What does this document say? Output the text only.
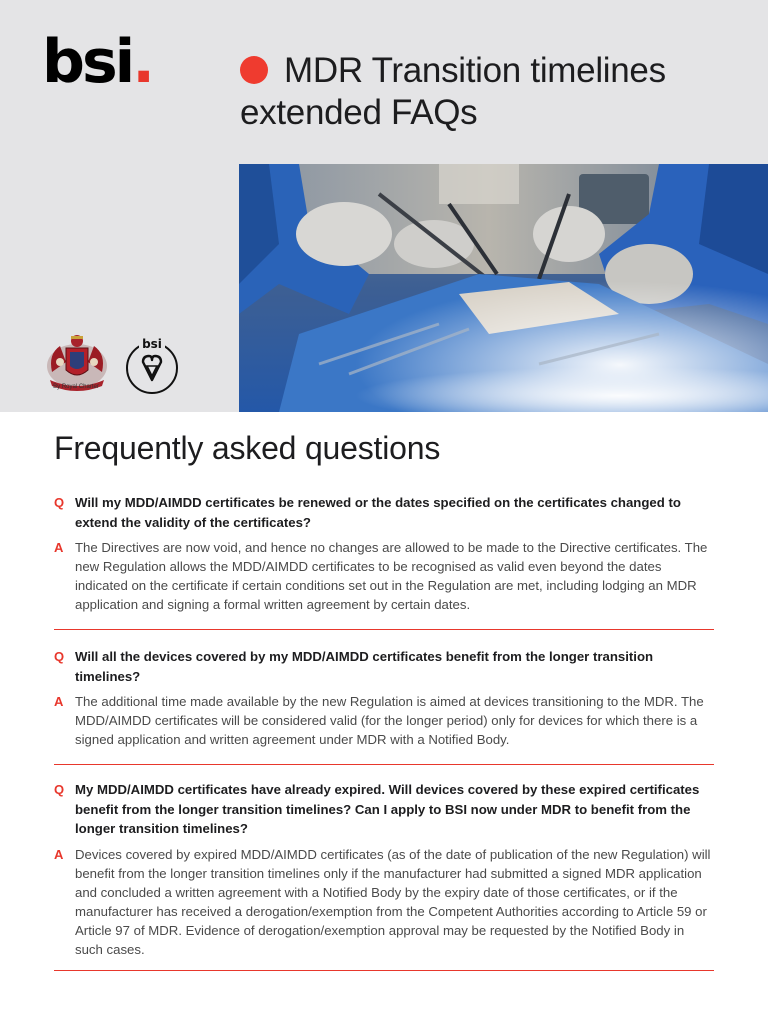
bsi.	MDR Transition timelines
extended FAQs
By Royal Charter
bsi
Frequently asked questions
Q Will my MDD/AIMDD certificates be renewed or the dates specified on the certificates changed to extend the validity of the certificates?

A The Directives are now void, and hence no changes are allowed to be made to the Directive certificates. The new Regulation allows the MDD/AIMDD certificates to be recognised as valid even beyond the dates indicated on the certificate if certain conditions set out in the Regulation are met, including lodging an MDR application and signing a formal written agreement by certain dates.

Q Will all the devices covered by my MDD/AIMDD certificates benefit from the longer transition timelines?

A The additional time made available by the new Regulation is aimed at devices transitioning to the MDR. The MDD/AIMDD certificates will be considered valid (for the longer period) only for devices for which there is a signed application and written agreement under MDR with a Notified Body.

Q My MDD/AIMDD certificates have already expired. Will devices covered by these expired certificates benefit from the longer transition timelines? Can I apply to BSI now under MDR to benefit from the longer transition timelines?

A Devices covered by expired MDD/AIMDD certificates (as of the date of publication of the new Regulation) will benefit from the longer transition timelines only if the manufacturer had submitted a signed MDR application and concluded a written agreement with a Notified Body by the expiry date of those certificates, or if the manufacturer has received a derogation/exemption from the Competent Authorities according to Article 59 or Article 97 of MDR. Evidence of derogation/exemption approval may be requested by the Notified Body in such cases.
